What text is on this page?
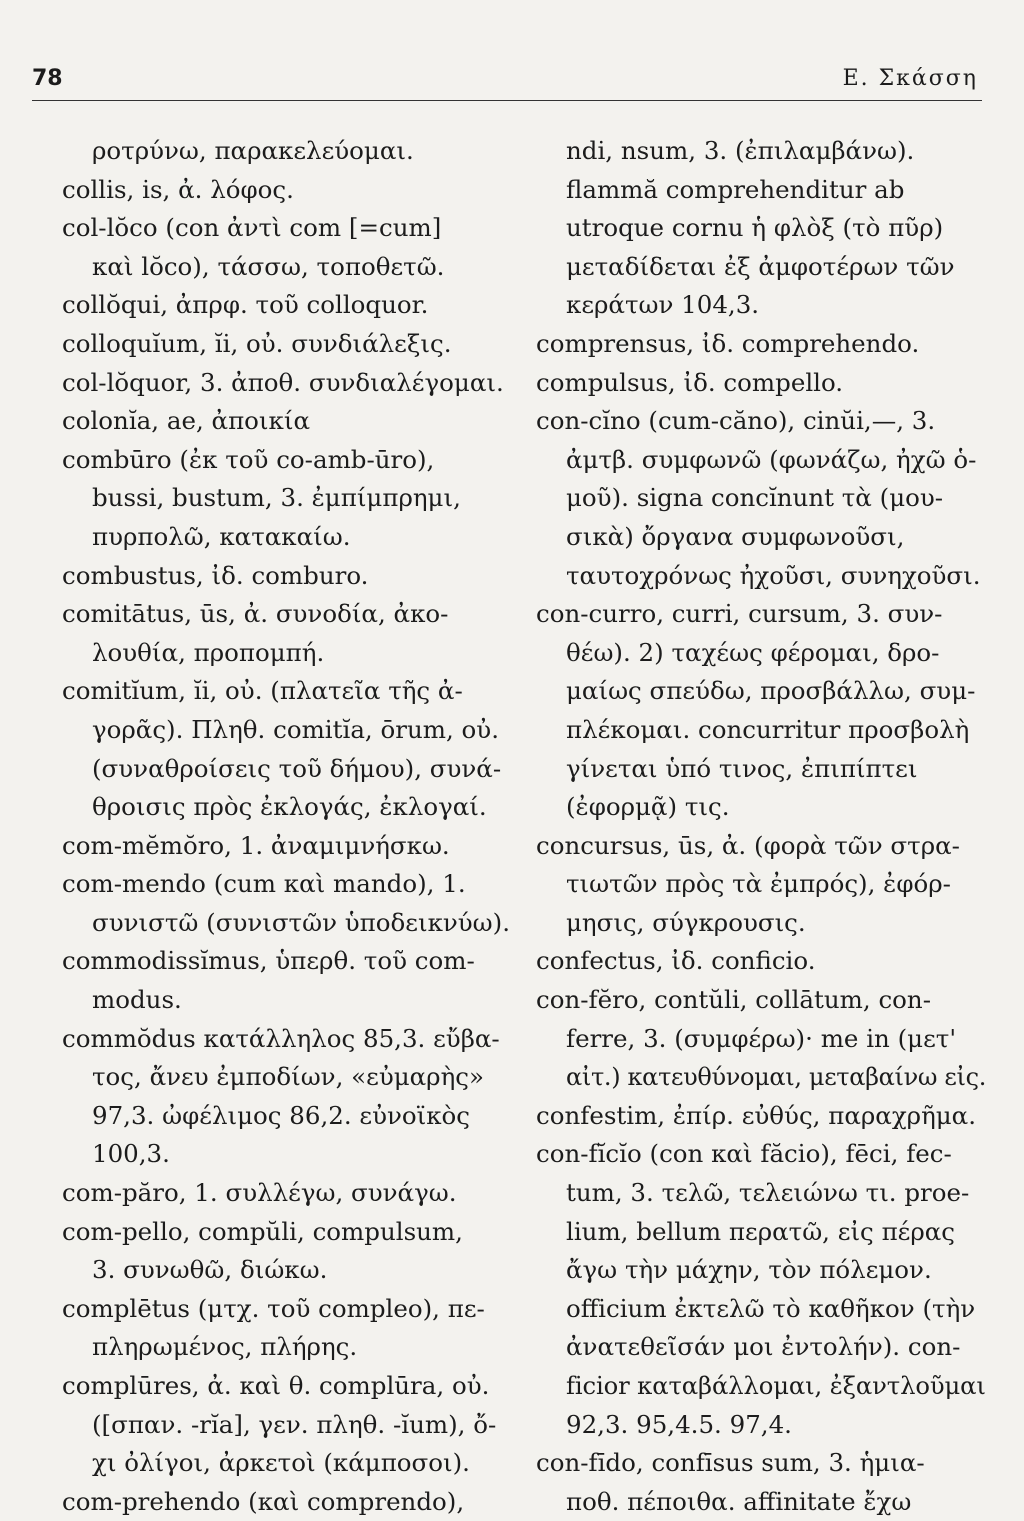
78	Ε. Σκάσση
ροτρύνω, παρακελεύομαι.
collis, is, ἀ. λόφος.
col-lŏco (con ἀντὶ com [=cum]
καὶ lŏco), τάσσω, τοποθετῶ.
collŏqui, ἀπρφ. τοῦ colloquor.
colloquĭum, ĭi, οὐ. συνδιάλεξις.
col-lŏquor, 3. ἀποθ. συνδιαλέγομαι.
colonĭa, ae, ἀποικία
combūro (ἐκ τοῦ co-amb-ūro),
bussi, bustum, 3. ἐμπίμπρημι,
πυρπολῶ, κατακαίω.
combustus, ἰδ. comburo.
comitātus, ūs, ἀ. συνοδία, ἀκο-
λουθία, προπομπή.
comitĭum, ĭi, οὐ. (πλατεῖα τῆς ἀ-
γορᾶς). Πληθ. comitĭa, ōrum, οὐ.
(συναθροίσεις τοῦ δήμου), συνά-
θροισις πρὸς ἐκλογάς, ἐκλογαί.
com-mĕmŏro, 1. ἀναμιμνήσκω.
com-mendo (cum καὶ mando), 1.
συνιστῶ (συνιστῶν ὑποδεικνύω).
commodissĭmus, ὑπερθ. τοῦ com-
modus.
commŏdus κατάλληλος 85,3. εὔβα-
τος, ἄνευ ἐμποδίων, «εὐμαρὴς»
97,3. ὠφέλιμος 86,2. εὐνοϊκὸς
100,3.
com-păro, 1. συλλέγω, συνάγω.
com-pello, compŭli, compulsum,
3. συνωθῶ, διώκω.
complētus (μτχ. τοῦ compleo), πε-
πληρωμένος, πλήρης.
complūres, ἀ. καὶ θ. complūra, οὐ.
([σπαν. -rĭa], γεν. πληθ. -ĭum), ὄ-
χι ὀλίγοι, ἀρκετοὶ (κάμποσοι).
com-prehendo (καὶ comprendo),
ndi, nsum, 3. (ἐπιλαμβάνω).
flammă comprehenditur ab
utroque cornu ἡ φλὸξ (τὸ πῦρ)
μεταδίδεται ἐξ ἀμφοτέρων τῶν
κεράτων 104,3.
comprensus, ἰδ. comprehendo.
compulsus, ἰδ. compello.
con-cĭno (cum-căno), cinŭi,—, 3.
ἀμτβ. συμφωνῶ (φωνάζω, ἠχῶ ὁ-
μοῦ). signa concĭnunt τὰ (μου-
σικὰ) ὄργανα συμφωνοῦσι,
ταυτοχρόνως ἠχοῦσι, συνηχοῦσι.
con-curro, curri, cursum, 3. συν-
θέω). 2) ταχέως φέρομαι, δρο-
μαίως σπεύδω, προσβάλλω, συμ-
πλέκομαι. concurritur προσβολὴ
γίνεται ὑπό τινος, ἐπιπίπτει
(ἐφορμᾷ) τις.
concursus, ūs, ἀ. (φορὰ τῶν στρα-
τιωτῶν πρὸς τὰ ἐμπρός), ἐφόρ-
μησις, σύγκρουσις.
confectus, ἰδ. conficio.
con-fĕro, contŭli, collātum, con-
ferre, 3. (συμφέρω)· me in (μετ'
αἰτ.) κατευθύνομαι, μεταβαίνω εἰς.
confestim, ἐπίρ. εὐθύς, παραχρῆμα.
con-fĭcĭo (con καὶ făcio), fēci, fec-
tum, 3. τελῶ, τελειώνω τι. proe-
lium, bellum περατῶ, εἰς πέρας
ἄγω τὴν μάχην, τὸν πόλεμον.
officium ἐκτελῶ τὸ καθῆκον (τὴν
ἀνατεθεῖσάν μοι ἐντολήν). con-
ficior καταβάλλομαι, ἐξαντλοῦμαι
92,3. 95,4.5. 97,4.
con-fīdo, confīsus sum, 3. ἡμια-
ποθ. πέποιθα. affinitate ἔχω
